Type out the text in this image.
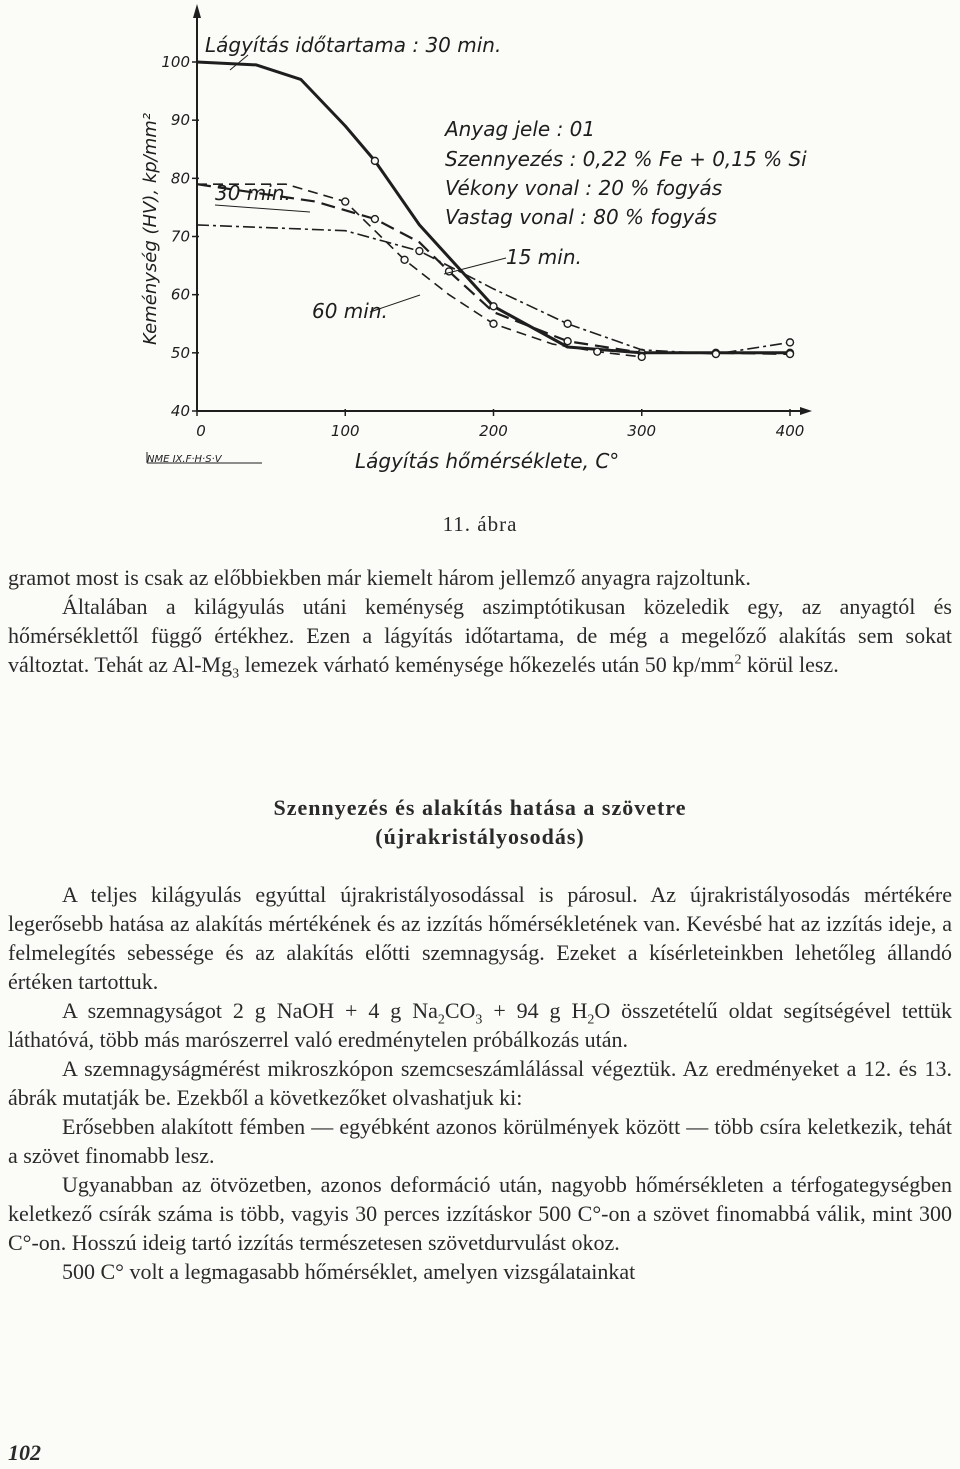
40
50
60
70
80
90
100
0	100	200	300	400
Lágyítás időtartama : 30 min.
Anyag jele : 01
Szennyezés : 0,22 % Fe + 0,15 % Si
Vékony vonal : 20 % fogyás
Vastag vonal : 80 % fogyás
30 min.
15 min.
60 min.
Lágyítás hőmérséklete, C°
Keménység (HV), kp/mm²
NME IX.F·H·S·V
11. ábra

gramot most is csak az előbbiekben már kiemelt három jellemző anyagra rajzoltunk.

Általában a kilágyulás utáni keménység aszimptótikusan közeledik egy, az anyagtól és hőmérséklettől függő értékhez. Ezen a lágyítás időtartama, de még a megelőző alakítás sem sokat változtat. Tehát az $Al-Mg_3$ lemezek várható keménysége hőkezelés után 50 $kp/mm^2$ körül lesz.

Szennyezés és alakítás hatása a szövetre
(újrakristályosodás)

A teljes kilágyulás egyúttal újrakristályosodással is párosul. Az újrakristályosodás mértékére legerősebb hatása az alakítás mértékének és az izzítás hőmérsékletének van. Kevésbé hat az izzítás ideje, a felmelegítés sebessége és az alakítás előtti szemnagyság. Ezeket a kísérleteinkben lehetőleg állandó értéken tartottuk.

A szemnagyságot 2 g NaOH + 4 g $Na_2CO_3 + 94$ g $H_2O$ összetételű oldat segítségével tettük láthatóvá, több más marószerrel való eredménytelen próbálkozás után.

A szemnagyságmérést mikroszkópon szemcseszámlálással végeztük. Az eredményeket a 12. és 13. ábrák mutatják be. Ezekből a következőket olvashatjuk ki:

Erősebben alakított fémben — egyébként azonos körülmények között — több csíra keletkezik, tehát a szövet finomabb lesz.

Ugyanabban az ötvözetben, azonos deformáció után, nagyobb hőmérsékleten a térfogategységben keletkező csírák száma is több, vagyis 30 perces izzításkor 500 C°-on a szövet finomabbá válik, mint 300 C°-on. Hosszú ideig tartó izzítás természetesen szövetdurvulást okoz.

500 C° volt a legmagasabb hőmérséklet, amelyen vizsgálatainkat

102
